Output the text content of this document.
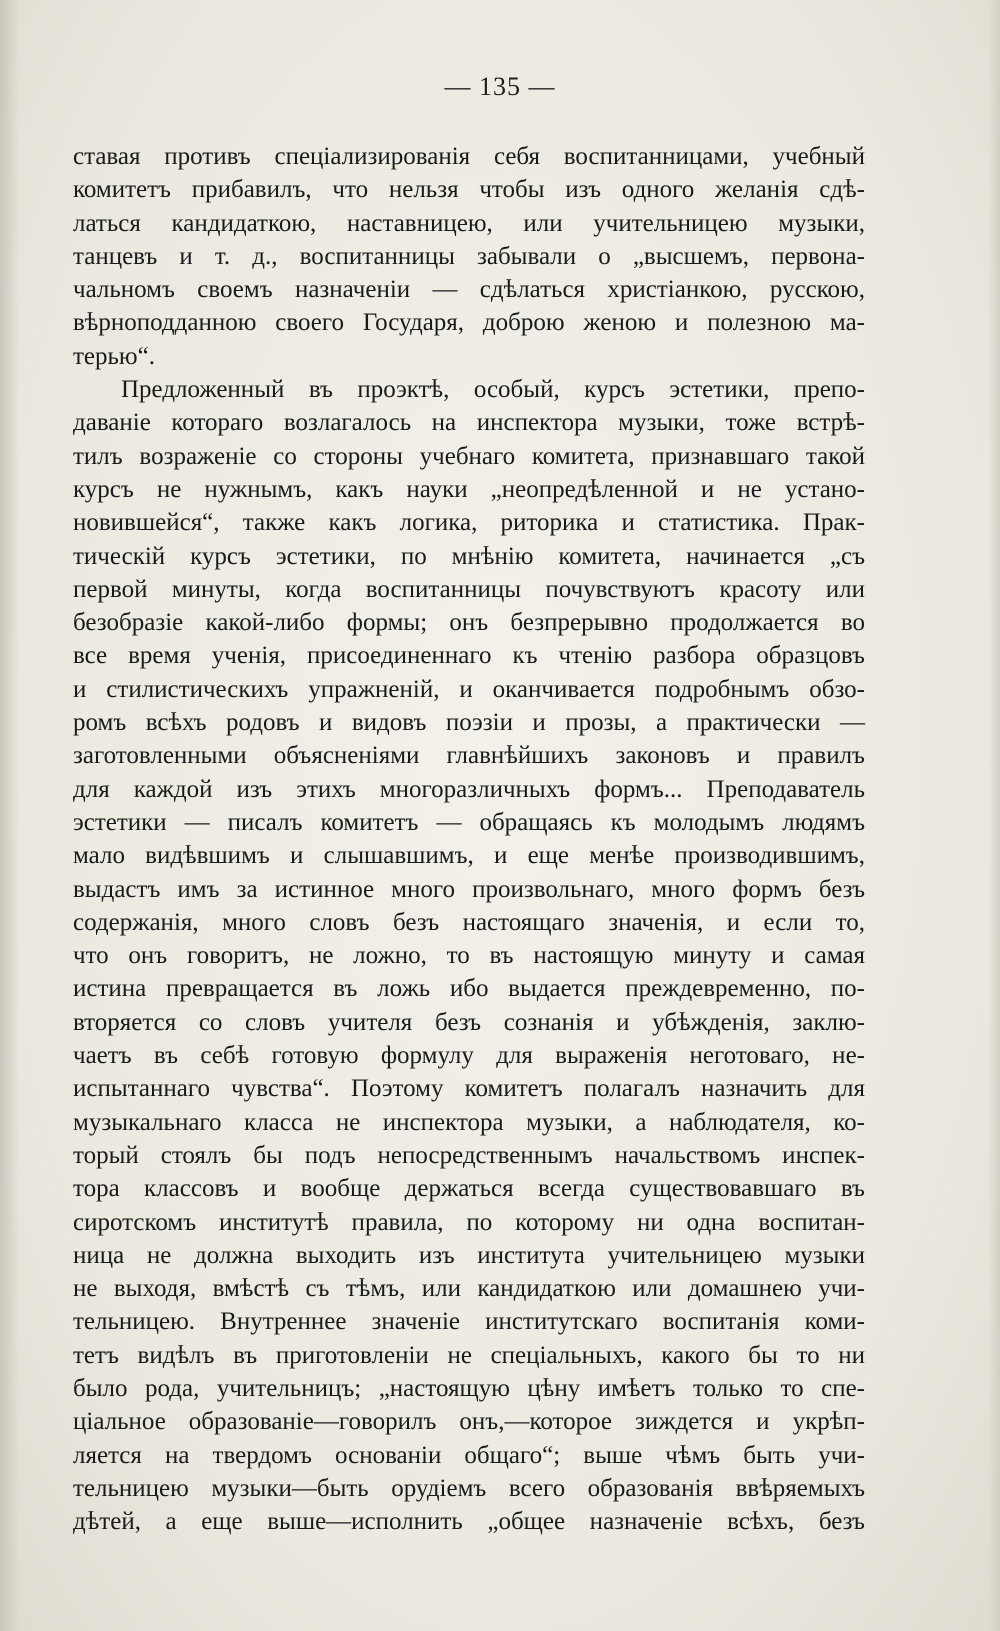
— 135 —
ставая противъ спеціализированія себя воспитанницами, учебный
комитетъ прибавилъ, что нельзя чтобы изъ одного желанія сдѣ-
латься кандидаткою, наставницею, или учительницею музыки,
танцевъ и т. д., воспитанницы забывали о „высшемъ, первона-
чальномъ своемъ назначеніи — сдѣлаться христіанкою, русскою,
вѣрноподданною своего Государя, доброю женою и полезною ма-
терью“.
Предложенный въ проэктѣ, особый, курсъ эстетики, препо-
даваніе котораго возлагалось на инспектора музыки, тоже встрѣ-
тилъ возраженіе со стороны учебнаго комитета, признавшаго такой
курсъ не нужнымъ, какъ науки „неопредѣленной и не устано-
новившейся“, также какъ логика, риторика и статистика. Прак-
тическій курсъ эстетики, по мнѣнію комитета, начинается „съ
первой минуты, когда воспитанницы почувствуютъ красоту или
безобразіе какой-либо формы; онъ безпрерывно продолжается во
все время ученія, присоединеннаго къ чтенію разбора образцовъ
и стилистическихъ упражненій, и оканчивается подробнымъ обзо-
ромъ всѣхъ родовъ и видовъ поэзіи и прозы, а практически —
заготовленными объясненіями главнѣйшихъ законовъ и правилъ
для каждой изъ этихъ многоразличныхъ формъ... Преподаватель
эстетики — писалъ комитетъ — обращаясь къ молодымъ людямъ
мало видѣвшимъ и слышавшимъ, и еще менѣе производившимъ,
выдастъ имъ за истинное много произвольнаго, много формъ безъ
содержанія, много словъ безъ настоящаго значенія, и если то,
что онъ говоритъ, не ложно, то въ настоящую минуту и самая
истина превращается въ ложь ибо выдается преждевременно, по-
вторяется со словъ учителя безъ сознанія и убѣжденія, заклю-
чаетъ въ себѣ готовую формулу для выраженія неготоваго, не-
испытаннаго чувства“. Поэтому комитетъ полагалъ назначить для
музыкальнаго класса не инспектора музыки, а наблюдателя, ко-
торый стоялъ бы подъ непосредственнымъ начальствомъ инспек-
тора классовъ и вообще держаться всегда существовавшаго въ
сиротскомъ институтѣ правила, по которому ни одна воспитан-
ница не должна выходить изъ института учительницею музыки
не выходя, вмѣстѣ съ тѣмъ, или кандидаткою или домашнею учи-
тельницею. Внутреннее значеніе институтскаго воспитанія коми-
тетъ видѣлъ въ приготовленіи не спеціальныхъ, какого бы то ни
было рода, учительницъ; „настоящую цѣну имѣетъ только то спе-
ціальное образованіе—говорилъ онъ,—которое зиждется и укрѣп-
ляется на твердомъ основаніи общаго“; выше чѣмъ быть учи-
тельницею музыки—быть орудіемъ всего образованія ввѣряемыхъ
дѣтей, а еще выше—исполнить „общее назначеніе всѣхъ, безъ
